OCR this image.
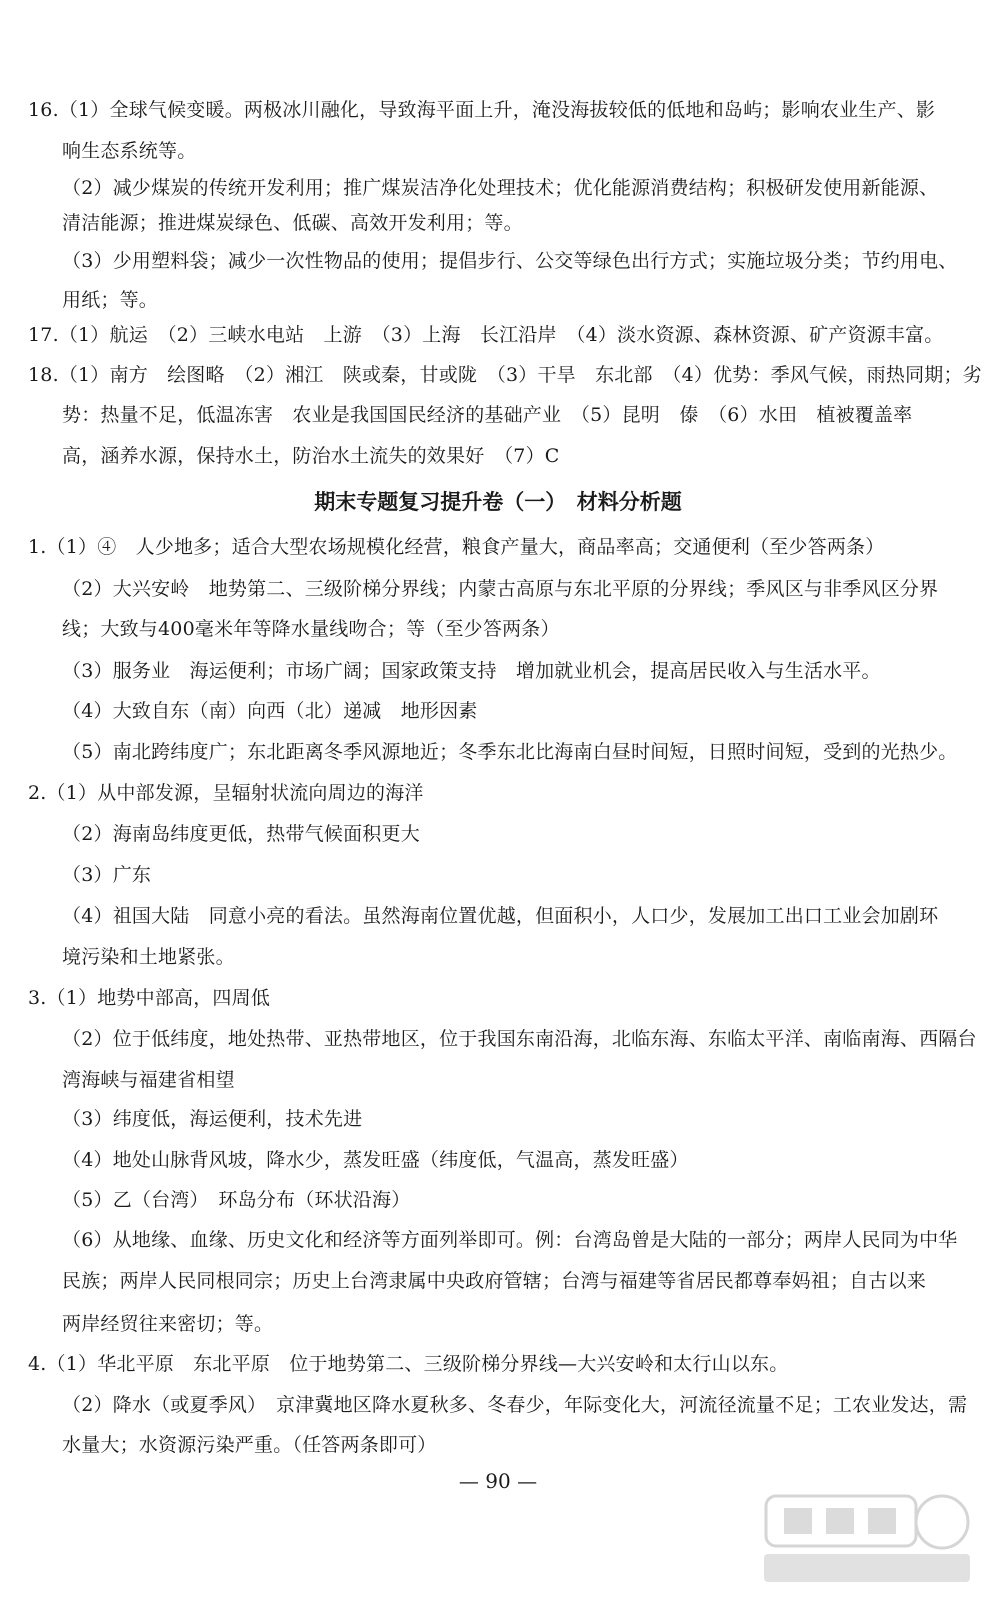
16.（1）全球气候变暖。两极冰川融化，导致海平面上升，淹没海拔较低的低地和岛屿；影响农业生产、影
响生态系统等。
（2）减少煤炭的传统开发利用；推广煤炭洁净化处理技术；优化能源消费结构；积极研发使用新能源、
清洁能源；推进煤炭绿色、低碳、高效开发利用；等。
（3）少用塑料袋；减少一次性物品的使用；提倡步行、公交等绿色出行方式；实施垃圾分类；节约用电、
用纸；等。
17.（1）航运　（2）三峡水电站　上游　（3）上海　长江沿岸　（4）淡水资源、森林资源、矿产资源丰富。
18.（1）南方　绘图略　（2）湘江　陕或秦，甘或陇　（3）干旱　东北部　（4）优势：季风气候，雨热同期；劣
势：热量不足，低温冻害　农业是我国国民经济的基础产业　（5）昆明　傣　（6）水田　植被覆盖率
高，涵养水源，保持水土，防治水土流失的效果好　（7）C
期末专题复习提升卷（一）　材料分析题
1.（1）④　人少地多；适合大型农场规模化经营，粮食产量大，商品率高；交通便利（至少答两条）
（2）大兴安岭　地势第二、三级阶梯分界线；内蒙古高原与东北平原的分界线；季风区与非季风区分界
线；大致与400毫米年等降水量线吻合；等（至少答两条）
（3）服务业　海运便利；市场广阔；国家政策支持　增加就业机会，提高居民收入与生活水平。
（4）大致自东（南）向西（北）递减　地形因素
（5）南北跨纬度广；东北距离冬季风源地近；冬季东北比海南白昼时间短，日照时间短，受到的光热少。
2.（1）从中部发源，呈辐射状流向周边的海洋
（2）海南岛纬度更低，热带气候面积更大
（3）广东
（4）祖国大陆　同意小亮的看法。虽然海南位置优越，但面积小，人口少，发展加工出口工业会加剧环
境污染和土地紧张。
3.（1）地势中部高，四周低
（2）位于低纬度，地处热带、亚热带地区，位于我国东南沿海，北临东海、东临太平洋、南临南海、西隔台
湾海峡与福建省相望
（3）纬度低，海运便利，技术先进
（4）地处山脉背风坡，降水少，蒸发旺盛（纬度低，气温高，蒸发旺盛）
（5）乙（台湾）　环岛分布（环状沿海）
（6）从地缘、血缘、历史文化和经济等方面列举即可。例：台湾岛曾是大陆的一部分；两岸人民同为中华
民族；两岸人民同根同宗；历史上台湾隶属中央政府管辖；台湾与福建等省居民都尊奉妈祖；自古以来
两岸经贸往来密切；等。
4.（1）华北平原　东北平原　位于地势第二、三级阶梯分界线—大兴安岭和太行山以东。
（2）降水（或夏季风）　京津冀地区降水夏秋多、冬春少，年际变化大，河流径流量不足；工农业发达，需
水量大；水资源污染严重。（任答两条即可）
— 90 —
